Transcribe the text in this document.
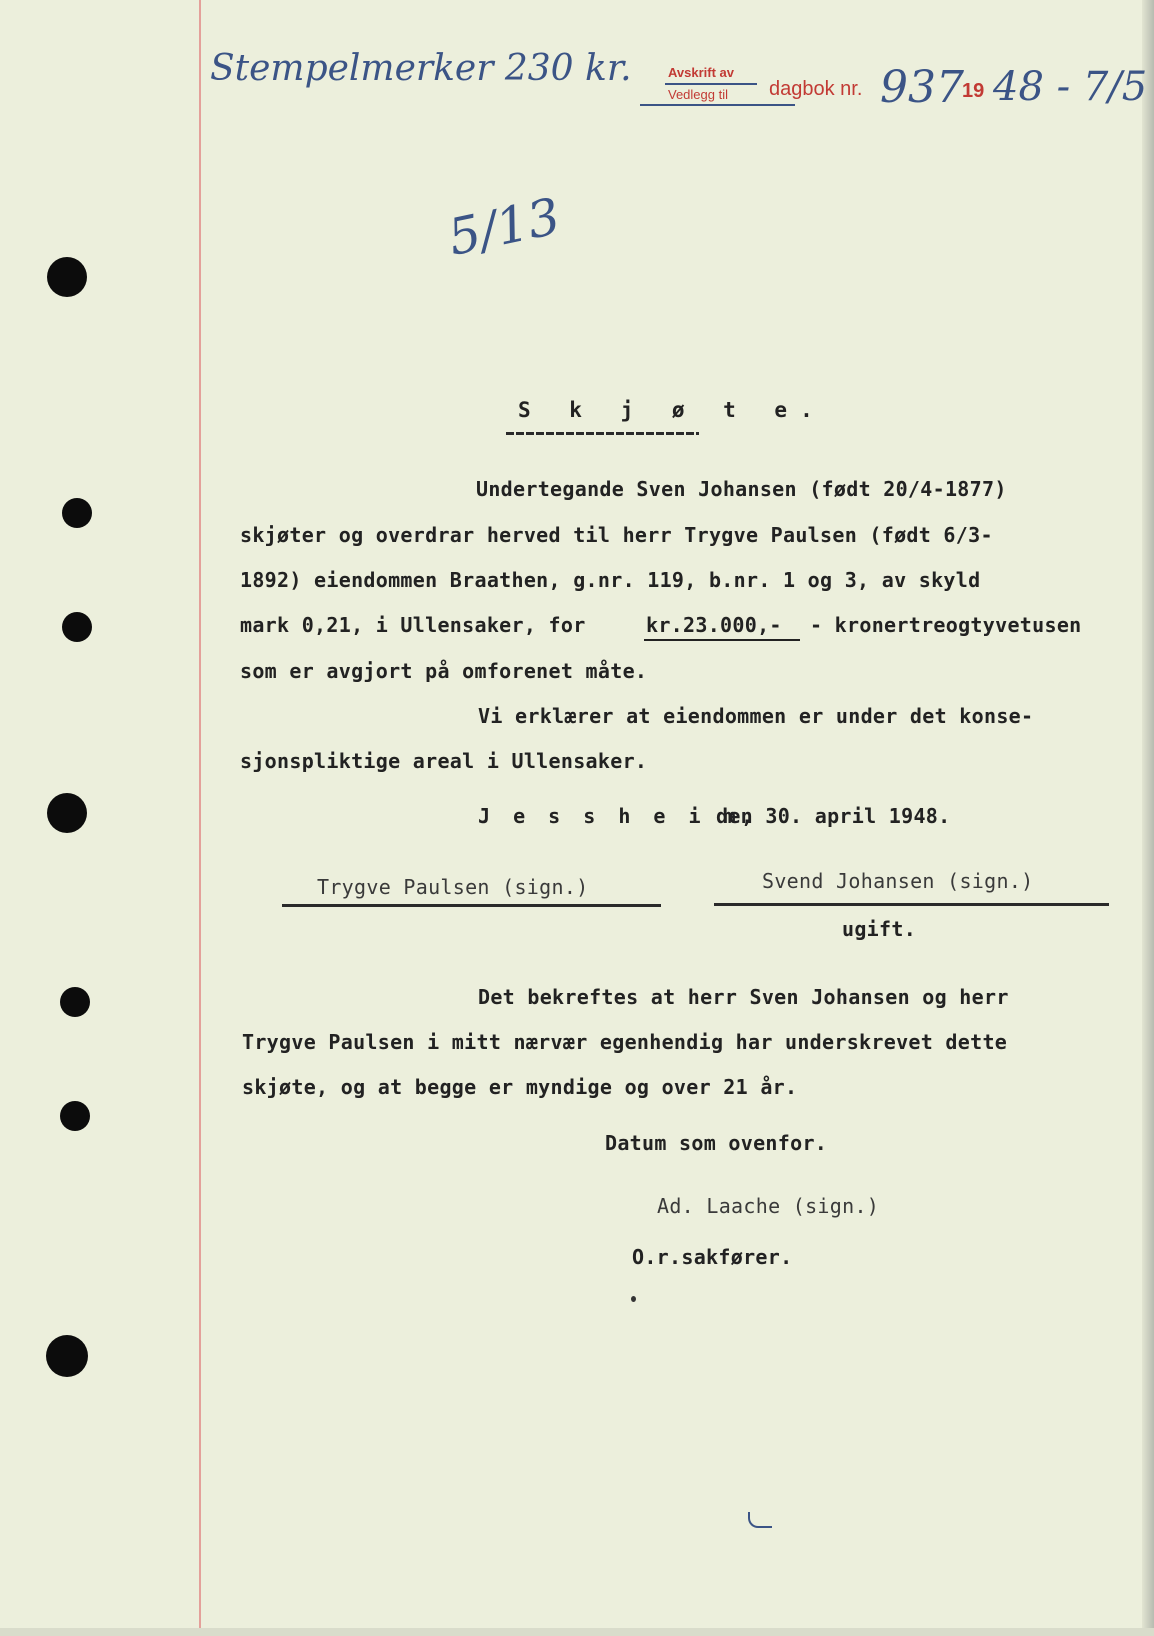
Stempelmerker 230 kr.	Avskrift av
Vedlegg til dagbok nr. 937
19 48 - 7/5
5/13
S k j ø t e.
Undertegande Sven Johansen (født 20/4-1877)
skjøter og overdrar herved til herr Trygve Paulsen (født 6/3-
1892) eiendommen Braathen, g.nr. 119, b.nr. 1 og 3, av skyld
mark 0,21, i Ullensaker, for	kr.23.000,- - kronertreogtyvetusen
som er avgjort på omforenet måte.
Vi erklærer at eiendommen er under det konse-
sjonspliktige areal i Ullensaker.
J e s s h e i m,
den 30. april 1948.
Trygve Paulsen (sign.)	Svend Johansen (sign.)
ugift.
Det bekreftes at herr Sven Johansen og herr
Trygve Paulsen i mitt nærvær egenhendig har underskrevet dette
skjøte, og at begge er myndige og over 21 år.
Datum som ovenfor.
Ad. Laache (sign.)
O.r.sakfører.
